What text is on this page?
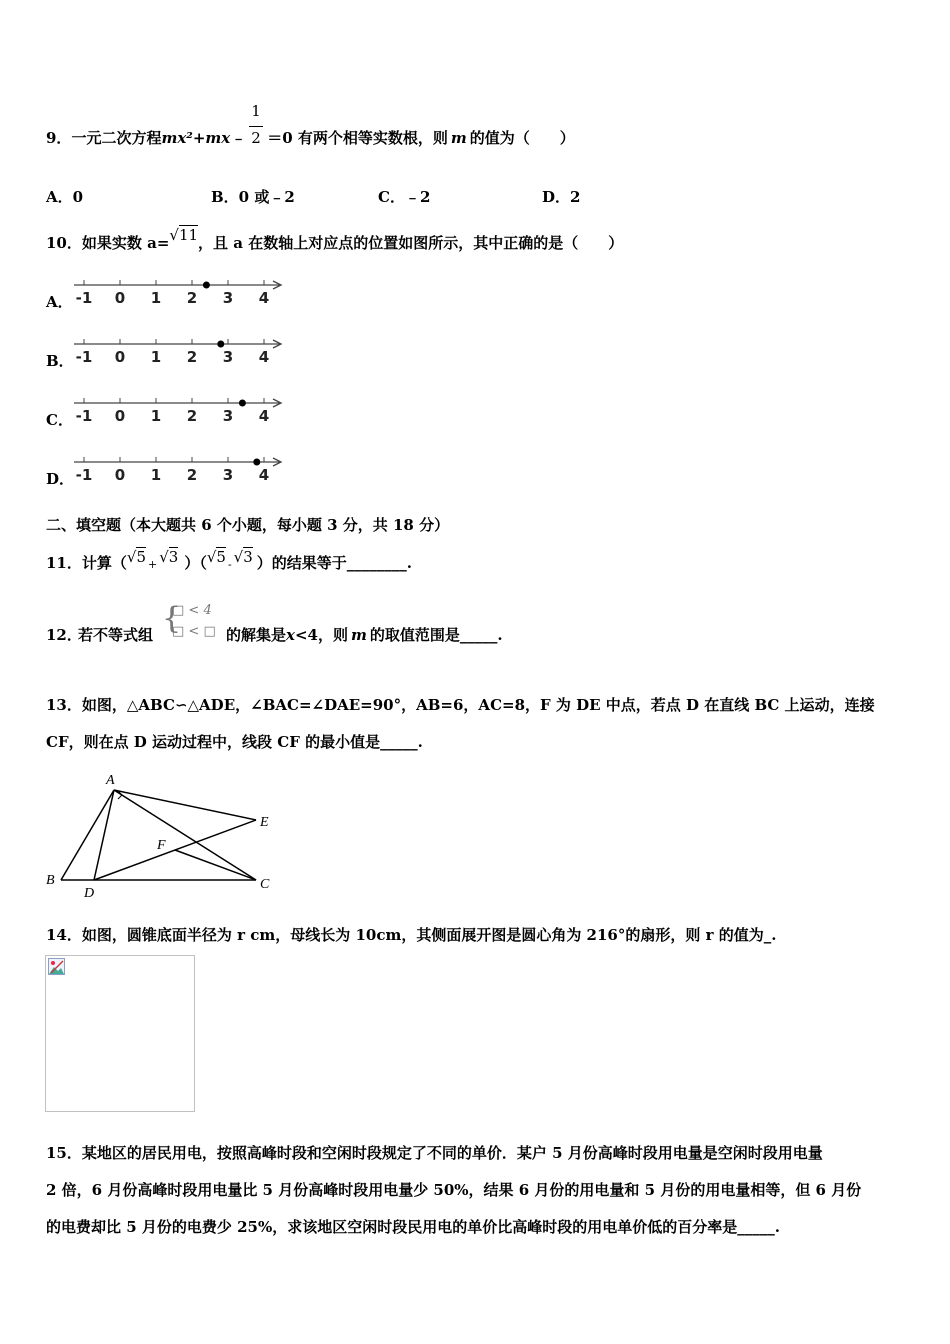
9．一元二次方程mx²+mx﹣ ＝0 有两个相等实数根，则 m 的值为（　　）
1
2
A．0	B．0 或﹣2	C．﹣2	D．2
10．如果实数 a=√11，且 a 在数轴上对应点的位置如图所示，其中正确的是（　　）
A．
B．
C．
D．
-1 0 1 2 3 4
-1 0 1 2 3 4
-1 0 1 2 3 4
-1 0 1 2 3 4
二、填空题（本大题共 6 个小题，每小题 3 分，共 18 分）
11．计算（√5 + √3 ）（√5 - √3 ）的结果等于________.
12．
若不等式组 {
□ < 4
□ < □ 的解集是x<4，则 m 的取值范围是_____.
13．如图，△ABC∽△ADE，∠BAC=∠DAE=90°，AB=6，AC=8，F 为 DE 中点，若点 D 在直线 BC 上运动，连接
CF，则在点 D 运动过程中，线段 CF 的最小值是_____.
A
B	C
D
E
F
14．如图，圆锥底面半径为 r cm，母线长为 10cm，其侧面展开图是圆心角为 216°的扇形，则 r 的值为_.
15．某地区的居民用电，按照高峰时段和空闲时段规定了不同的单价．某户 5 月份高峰时段用电量是空闲时段用电量
2 倍，6 月份高峰时段用电量比 5 月份高峰时段用电量少 50%，结果 6 月份的用电量和 5 月份的用电量相等，但 6 月份
的电费却比 5 月份的电费少 25%，求该地区空闲时段民用电的单价比高峰时段的用电单价低的百分率是_____.
